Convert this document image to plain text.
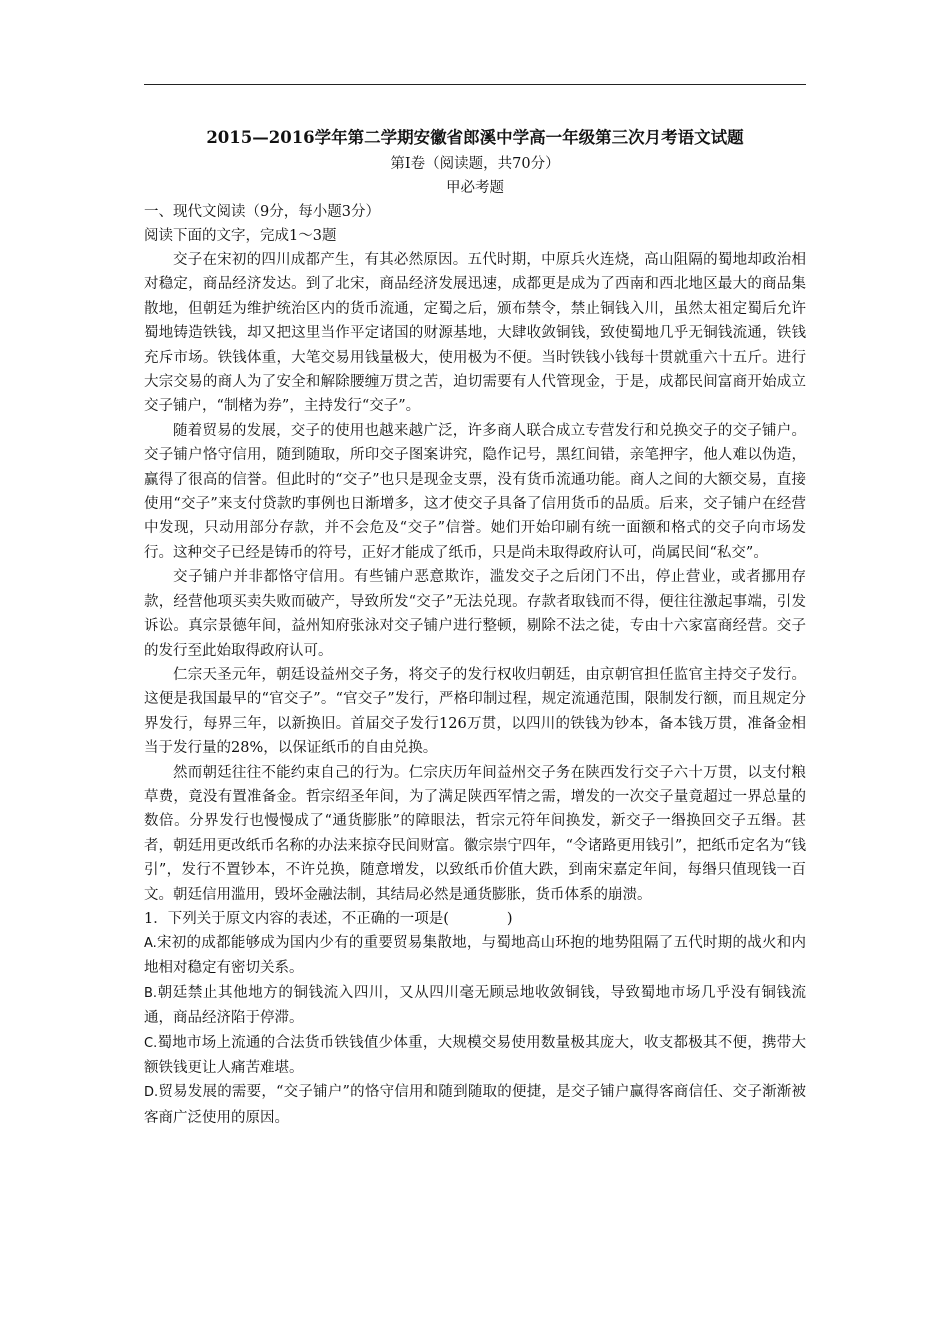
2015—2016学年第二学期安徽省郎溪中学高一年级第三次月考语文试题

第Ⅰ卷（阅读题，共70分）

甲必考题

一、现代文阅读（9分，每小题3分）

阅读下面的文字，完成1～3题

交子在宋初的四川成都产生，有其必然原因。五代时期，中原兵火连烧，高山阻隔的蜀地却政治相对稳定，商品经济发达。到了北宋，商品经济发展迅速，成都更是成为了西南和西北地区最大的商品集散地，但朝廷为维护统治区内的货币流通，定蜀之后，颁布禁令，禁止铜钱入川，虽然太祖定蜀后允许蜀地铸造铁钱，却又把这里当作平定诸国的财源基地，大肆收敛铜钱，致使蜀地几乎无铜钱流通，铁钱充斥市场。铁钱体重，大笔交易用钱量极大，使用极为不便。当时铁钱小钱每十贯就重六十五斤。进行大宗交易的商人为了安全和解除腰缠万贯之苦，迫切需要有人代管现金，于是，成都民间富商开始成立交子铺户，“制楮为券”，主持发行“交子”。

随着贸易的发展，交子的使用也越来越广泛，许多商人联合成立专营发行和兑换交子的交子铺户。交子铺户恪守信用，随到随取，所印交子图案讲究，隐作记号，黑红间错，亲笔押字，他人难以伪造，赢得了很高的信誉。但此时的“交子”也只是现金支票，没有货币流通功能。商人之间的大额交易，直接使用“交子”来支付贷款旳事例也日渐增多，这才使交子具备了信用货币的品质。后来，交子铺户在经营中发现，只动用部分存款，并不会危及“交子”信誉。她们开始印刷有统一面额和格式的交子向市场发行。这种交子已经是铸币的符号，正好才能成了纸币，只是尚未取得政府认可，尚属民间“私交”。

交子铺户并非都恪守信用。有些铺户恶意欺诈，滥发交子之后闭门不出，停止营业，或者挪用存款，经营他项买卖失败而破产，导致所发“交子”无法兑现。存款者取钱而不得，便往往激起事端，引发诉讼。真宗景德年间，益州知府张泳对交子铺户进行整顿，剔除不法之徒，专由十六家富商经营。交子的发行至此始取得政府认可。

仁宗天圣元年，朝廷设益州交子务，将交子的发行权收归朝廷，由京朝官担任监官主持交子发行。这便是我国最早的“官交子”。“官交子”发行，严格印制过程，规定流通范围，限制发行额，而且规定分界发行，每界三年，以新换旧。首届交子发行126万贯，以四川的铁钱为钞本，备本钱万贯，准备金相当于发行量的28%，以保证纸币的自由兑换。

然而朝廷往往不能约束自己的行为。仁宗庆历年间益州交子务在陕西发行交子六十万贯，以支付粮草费，竟没有置准备金。哲宗绍圣年间，为了满足陕西军情之需，增发的一次交子量竟超过一界总量的数倍。分界发行也慢慢成了“通货膨胀”的障眼法，哲宗元符年间换发，新交子一缗换回交子五缗。甚者，朝廷用更改纸币名称的办法来掠夺民间财富。徽宗崇宁四年，“令诸路更用钱引”，把纸币定名为“钱引”，发行不置钞本，不许兑换，随意增发，以致纸币价值大跌，到南宋嘉定年间，每缗只值现钱一百文。朝廷信用滥用，毁坏金融法制，其结局必然是通货膨胀，货币体系的崩溃。

1．下列关于原文内容的表述，不正确的一项是(　　　　)

A.宋初的成都能够成为国内少有的重要贸易集散地，与蜀地高山环抱的地势阻隔了五代时期的战火和内地相对稳定有密切关系。

B.朝廷禁止其他地方的铜钱流入四川，又从四川毫无顾忌地收敛铜钱，导致蜀地市场几乎没有铜钱流通，商品经济陷于停滞。

C.蜀地市场上流通的合法货币铁钱值少体重，大规模交易使用数量极其庞大，收支都极其不便，携带大额铁钱更让人痛苦难堪。

D.贸易发展的需要，“交子铺户”的恪守信用和随到随取的便捷，是交子铺户赢得客商信任、交子渐渐被客商广泛使用的原因。
